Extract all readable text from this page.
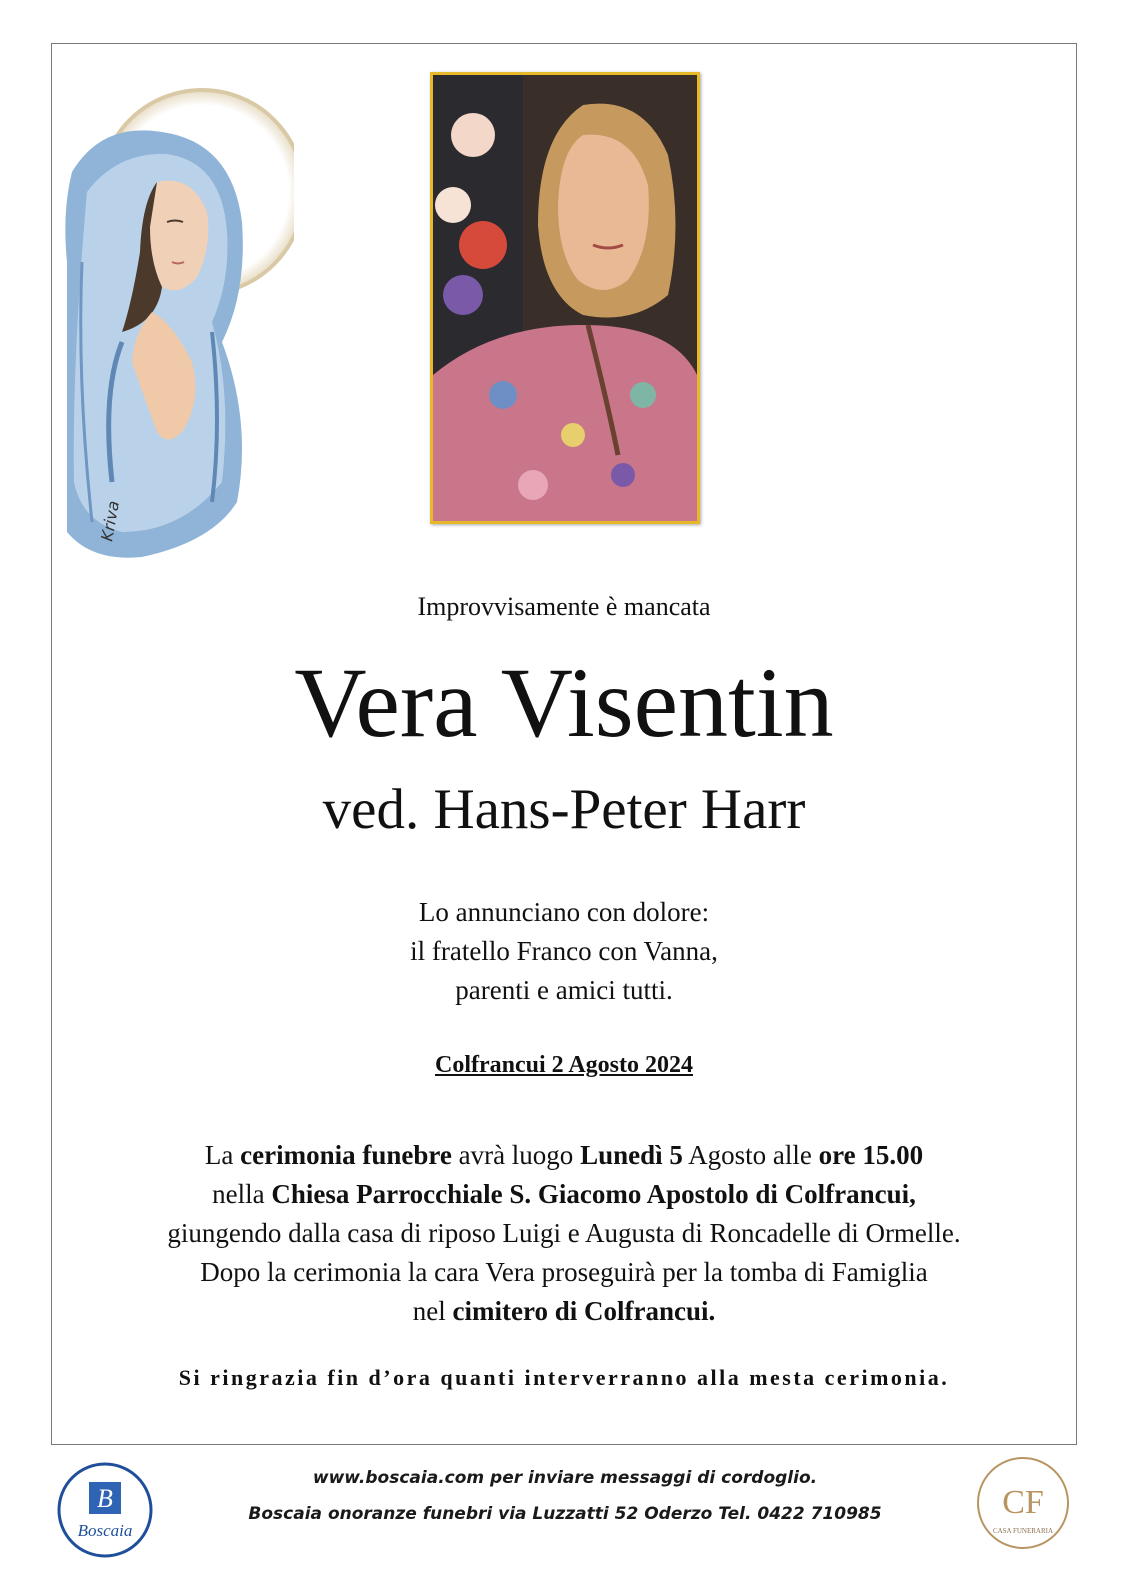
Kriva
Improvvisamente è mancata
Vera Visentin
ved. Hans-Peter Harr
Lo annunciano con dolore:
il fratello Franco con Vanna,
parenti e amici tutti.
Colfrancui 2 Agosto 2024
La cerimonia funebre avrà luogo Lunedì 5 Agosto alle ore 15.00
nella Chiesa Parrocchiale S. Giacomo Apostolo di Colfrancui,
giungendo dalla casa di riposo Luigi e Augusta di Roncadelle di Ormelle.
Dopo la cerimonia la cara Vera proseguirà per la tomba di Famiglia
nel cimitero di Colfrancui.
Si ringrazia fin d’ora quanti interverranno alla mesta cerimonia.
B
Boscaia
www.boscaia.com per inviare messaggi di cordoglio.
Boscaia onoranze funebri via Luzzatti 52 Oderzo Tel. 0422 710985	CF
CASA FUNERARIA
